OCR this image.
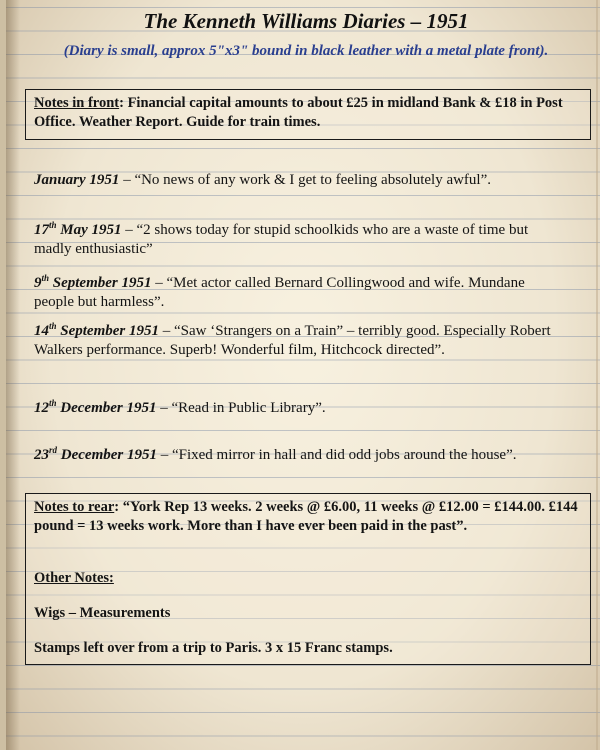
The Kenneth Williams Diaries – 1951
(Diary is small, approx 5"x3" bound in black leather with a metal plate front).
Notes in front: Financial capital amounts to about £25 in midland Bank & £18 in Post Office. Weather Report. Guide for train times.
January 1951 – “No news of any work & I get to feeling absolutely awful”.
17th May 1951 – “2 shows today for stupid schoolkids who are a waste of time but madly enthusiastic”
9th September 1951 – “Met actor called Bernard Collingwood and wife. Mundane people but harmless”.
14th September 1951 – “Saw ‘Strangers on a Train” – terribly good. Especially Robert Walkers performance. Superb! Wonderful film, Hitchcock directed”.
12th December 1951 – “Read in Public Library”.
23rd December 1951 – “Fixed mirror in hall and did odd jobs around the house”.
Notes to rear: “York Rep 13 weeks. 2 weeks @ £6.00, 11 weeks @ £12.00 = £144.00. £144 pound = 13 weeks work. More than I have ever been paid in the past”.
Other Notes:
Wigs – Measurements
Stamps left over from a trip to Paris. 3 x 15 Franc stamps.
